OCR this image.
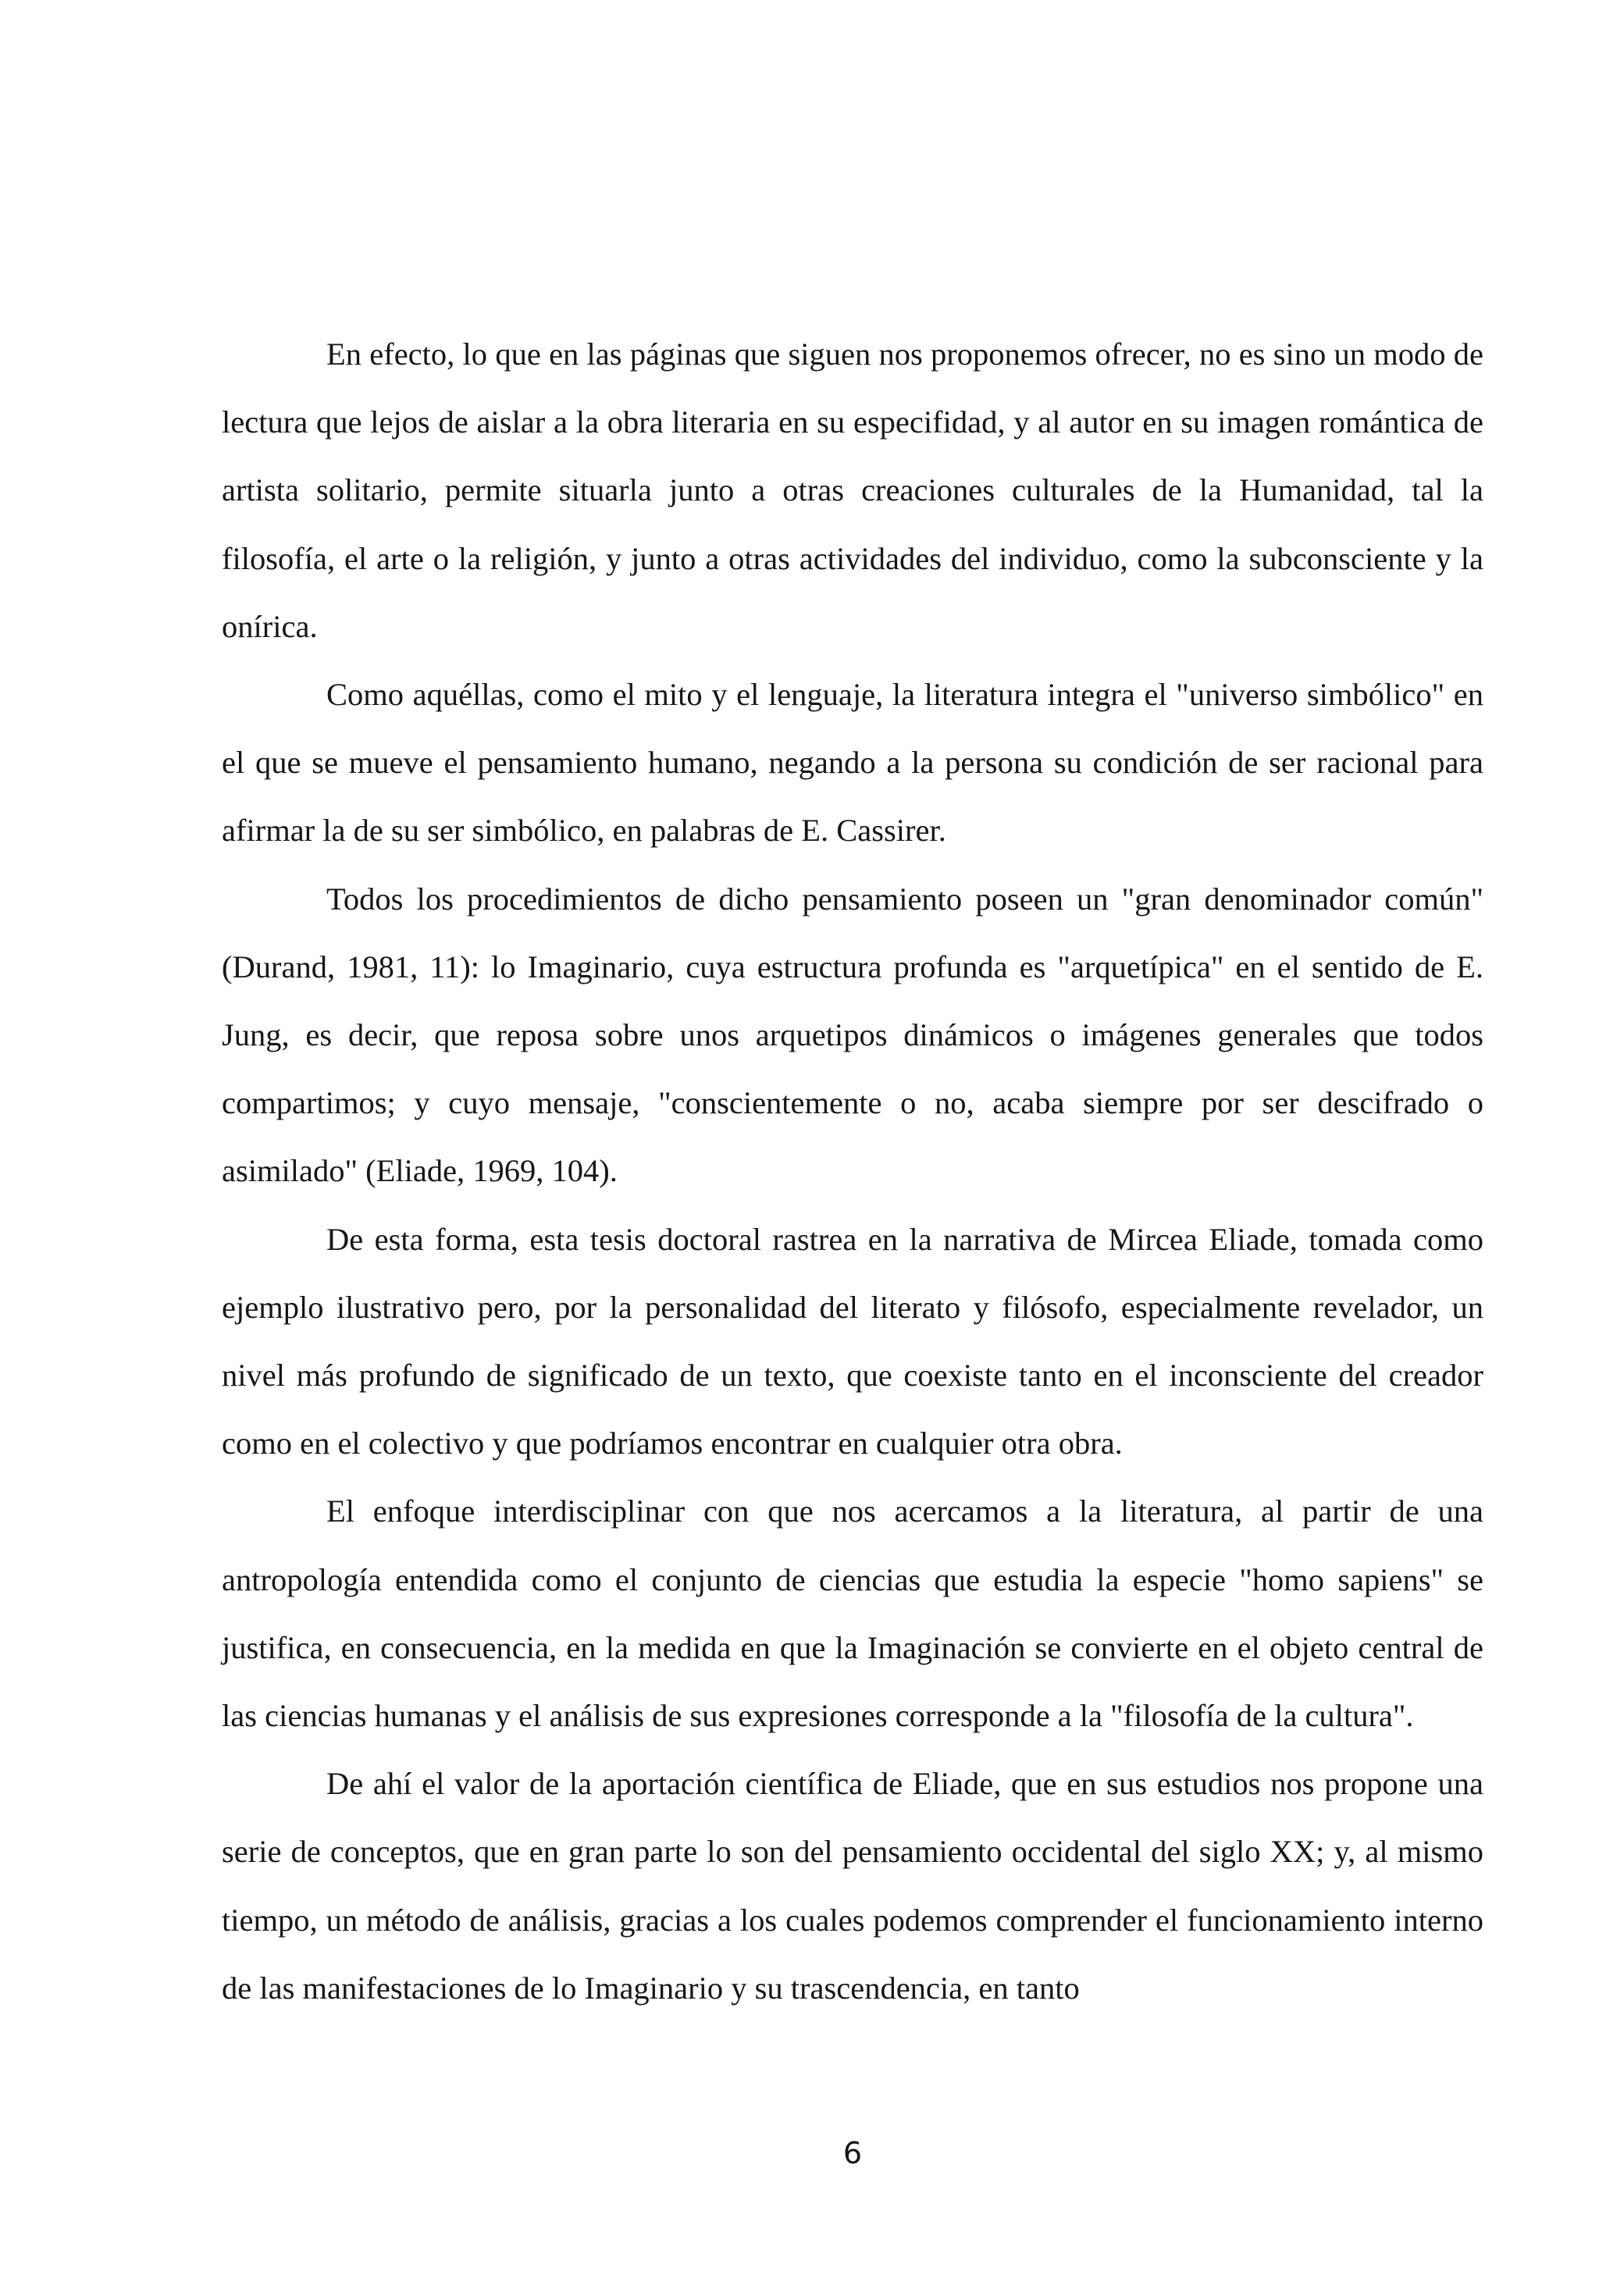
En efecto, lo que en las páginas que siguen nos proponemos ofrecer, no es sino un modo de lectura que lejos de aislar a la obra literaria en su especifidad, y al autor en su imagen romántica de artista solitario, permite situarla junto a otras creaciones culturales de la Humanidad, tal la filosofía, el arte o la religión, y junto a otras actividades del individuo, como la subconsciente y la onírica.

Como aquéllas, como el mito y el lenguaje, la literatura integra el "universo simbólico" en el que se mueve el pensamiento humano, negando a la persona su condición de ser racional para afirmar la de su ser simbólico, en palabras de E. Cassirer.

Todos los procedimientos de dicho pensamiento poseen un "gran denominador común" (Durand, 1981, 11): lo Imaginario, cuya estructura profunda es "arquetípica" en el sentido de E. Jung, es decir, que reposa sobre unos arquetipos dinámicos o imágenes generales que todos compartimos; y cuyo mensaje, "conscientemente o no, acaba siempre por ser descifrado o asimilado" (Eliade, 1969, 104).

De esta forma, esta tesis doctoral rastrea en la narrativa de Mircea Eliade, tomada como ejemplo ilustrativo pero, por la personalidad del literato y filósofo, especialmente revelador, un nivel más profundo de significado de un texto, que coexiste tanto en el inconsciente del creador como en el colectivo y que podríamos encontrar en cualquier otra obra.

El enfoque interdisciplinar con que nos acercamos a la literatura, al partir de una antropología entendida como el conjunto de ciencias que estudia la especie "homo sapiens" se justifica, en consecuencia, en la medida en que la Imaginación se convierte en el objeto central de las ciencias humanas y el análisis de sus expresiones corresponde a la "filosofía de la cultura".

De ahí el valor de la aportación científica de Eliade, que en sus estudios nos propone una serie de conceptos, que en gran parte lo son del pensamiento occidental del siglo XX; y, al mismo tiempo, un método de análisis, gracias a los cuales podemos comprender el funcionamiento interno de las manifestaciones de lo Imaginario y su trascendencia, en tanto

6
